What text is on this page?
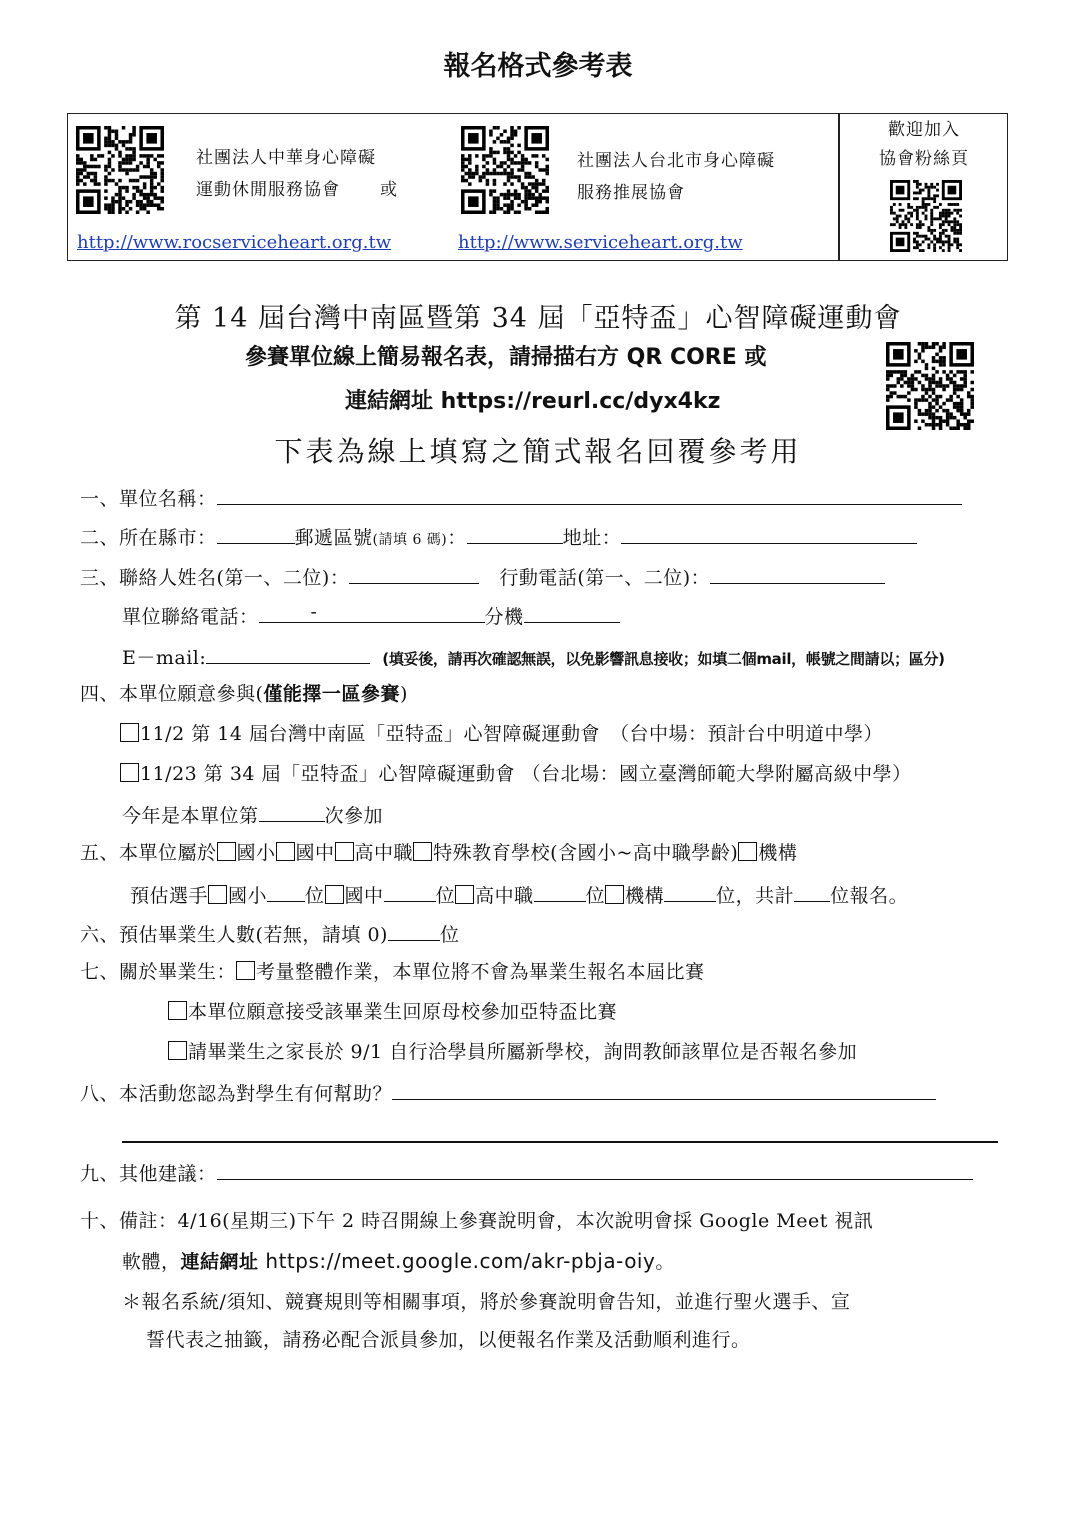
報名格式參考表
社團法人中華身心障礙
運動休閒服務協會 或
社團法人台北市身心障礙
服務推展協會
http://www.rocserviceheart.org.tw	http://www.serviceheart.org.tw
歡迎加入
協會粉絲頁
第 14 屆台灣中南區暨第 34 屆「亞特盃」心智障礙運動會
參賽單位線上簡易報名表，請掃描右方 QR CORE 或
連結網址 https://reurl.cc/dyx4kz
下表為線上填寫之簡式報名回覆參考用
一、單位名稱：
二、所在縣市：	郵遞區號(請填 6 碼)：	地址：
三、聯絡人姓名(第一、二位)：	行動電話(第一、二位)：
單位聯絡電話：	-	分機
E－mail:	(填妥後，請再次確認無誤，以免影響訊息接收；如填二個mail，帳號之間請以；區分)
四、本單位願意參與(僅能擇一區參賽)
11/2 第 14 屆台灣中南區「亞特盃」心智障礙運動會　（台中場：預計台中明道中學）
11/23 第 34 屆「亞特盃」心智障礙運動會 （台北場：國立臺灣師範大學附屬高級中學）
今年是本單位第	次參加
五、本單位屬於 國小 國中 高中職 特殊教育學校(含國小~高中職學齡) 機構
預估選手 國小 位 國中	位 高中職	位 機構	位，共計 位報名。
六、預估畢業生人數(若無，請填 0)	位
七、關於畢業生： 考量整體作業，本單位將不會為畢業生報名本屆比賽
本單位願意接受該畢業生回原母校參加亞特盃比賽
請畢業生之家長於 9/1 自行洽學員所屬新學校，詢問教師該單位是否報名參加
八、本活動您認為對學生有何幫助？
九、其他建議：
十、備註：4/16(星期三)下午 2 時召開線上參賽說明會，本次說明會採 Google Meet 視訊
軟體，連結網址 https://meet.google.com/akr-pbja-oiy。
＊報名系統/須知、競賽規則等相關事項，將於參賽說明會告知，並進行聖火選手、宣
誓代表之抽籤，請務必配合派員參加，以便報名作業及活動順利進行。
